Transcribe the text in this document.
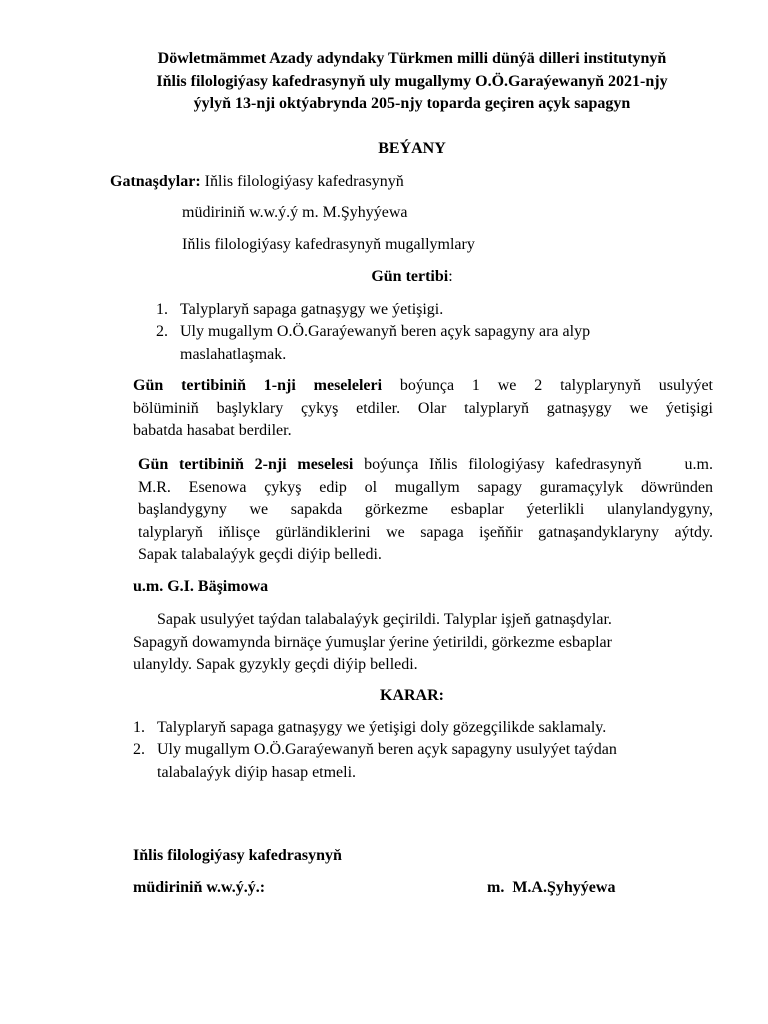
Döwletmämmet Azady adyndaky Türkmen milli dünýä dilleri institutynyň
Iňlis filologiýasy kafedrasynyň uly mugallymy O.Ö.Garaýewanyň 2021-njy
ýylyň 13-nji oktýabrynda 205-njy toparda geçiren açyk sapagyn
BEÝANY
Gatnaşdylar: Iňlis filologiýasy kafedrasynyň
müdiriniň w.w.ý.ý m. M.Şyhyýewa
Iňlis filologiýasy kafedrasynyň mugallymlary
Gün tertibi:
1. Talyplaryň sapaga gatnaşygy we ýetişigi.
2. Uly mugallym O.Ö.Garaýewanyň beren açyk sapagyny ara alyp
maslahatlaşmak.
Gün tertibiniň 1-nji meseleleri boýunça 1 we 2 talyplarynyň usulyýet
bölüminiň başlyklary çykyş etdiler. Olar talyplaryň gatnaşygy we ýetişigi
babatda hasabat berdiler.
Gün tertibiniň 2-nji meselesi boýunça Iňlis filologiýasy kafedrasynyň    u.m.
M.R. Esenowa çykyş edip ol mugallym sapagy guramaçylyk döwründen
başlandygyny we sapakda görkezme esbaplar ýeterlikli ulanylandygyny,
talyplaryň iňlisçe gürländiklerini we sapaga işeňňir gatnaşandyklaryny aýtdy.
Sapak talabalaýyk geçdi diýip belledi.
u.m. G.I. Bäşimowa
Sapak usulyýet taýdan talabalaýyk geçirildi. Talyplar işjeň gatnaşdylar.
Sapagyň dowamynda birnäçe ýumuşlar ýerine ýetirildi, görkezme esbaplar
ulanyldy. Sapak gyzykly geçdi diýip belledi.
KARAR:
1. Talyplaryň sapaga gatnaşygy we ýetişigi doly gözegçilikde saklamaly.
2. Uly mugallym O.Ö.Garaýewanyň beren açyk sapagyny usulyýet taýdan
talabalaýyk diýip hasap etmeli.
Iňlis filologiýasy kafedrasynyň
müdiriniň w.w.ý.ý.:	m.  M.A.Şyhyýewa
